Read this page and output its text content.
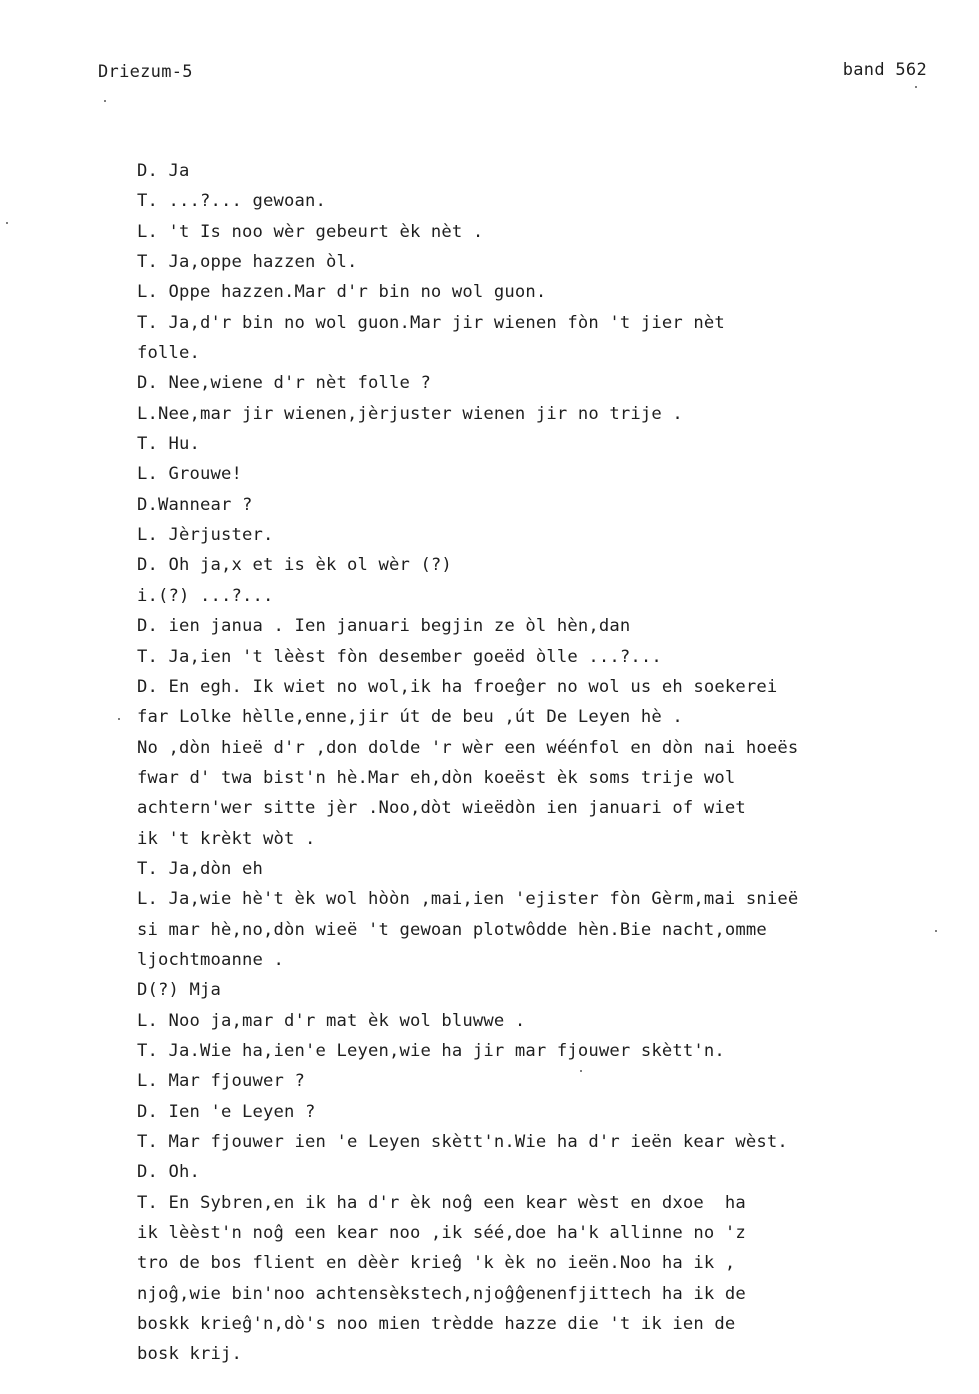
Driezum-5	band 562
D. Ja
T. ...?... gewoan.
L. 't Is noo wèr gebeurt èk nèt .
T. Ja,oppe hazzen òl.
L. Oppe hazzen.Mar d'r bin no wol guon.
T. Ja,d'r bin no wol guon.Mar jir wienen fòn 't jier nèt
folle.
D. Nee,wiene d'r nèt folle ?
L.Nee,mar jir wienen,jèrjuster wienen jir no trije .
T. Hu.
L. Grouwe!
D.Wannear ?
L. Jèrjuster.
D. Oh ja,x et is èk ol wèr (?)
i.(?) ...?...
D. ien janua . Ien januari begjin ze òl hèn,dan
T. Ja,ien 't lèèst fòn desember goeëd òlle ...?...
D. En egh. Ik wiet no wol,ik ha froeĝer no wol us eh soekerei
far Lolke hèlle,enne,jir út de beu ,út De Leyen hè .
No ,dòn hieë d'r ,don dolde 'r wèr een wéénfol en dòn nai hoeës
fwar d' twa bist'n hè.Mar eh,dòn koeëst èk soms trije wol
achtern'wer sitte jèr .Noo,dòt wieëdòn ien januari of wiet
ik 't krèkt wòt .
T. Ja,dòn eh
L. Ja,wie hè't èk wol hòòn ,mai,ien 'ejister fòn Gèrm,mai snieë
si mar hè,no,dòn wieë 't gewoan plotwôdde hèn.Bie nacht,omme
ljochtmoanne .
D(?) Mja
L. Noo ja,mar d'r mat èk wol bluwwe .
T. Ja.Wie ha,ien'e Leyen,wie ha jir mar fjouwer skètt'n.
L. Mar fjouwer ?
D. Ien 'e Leyen ?
T. Mar fjouwer ien 'e Leyen skètt'n.Wie ha d'r ieën kear wèst.
D. Oh.
T. En Sybren,en ik ha d'r èk noĝ een kear wèst en dxoe  ha
ik lèèst'n noĝ een kear noo ,ik séé,doe ha'k allinne no 'z
tro de bos flient en dèèr krieĝ 'k èk no ieën.Noo ha ik ,
njoĝ,wie bin'noo achtensèkstech,njoĝĝenenfjittech ha ik de
boskk krieĝ'n,dò's noo mien trèdde hazze die 't ik ien de
bosk krij.
